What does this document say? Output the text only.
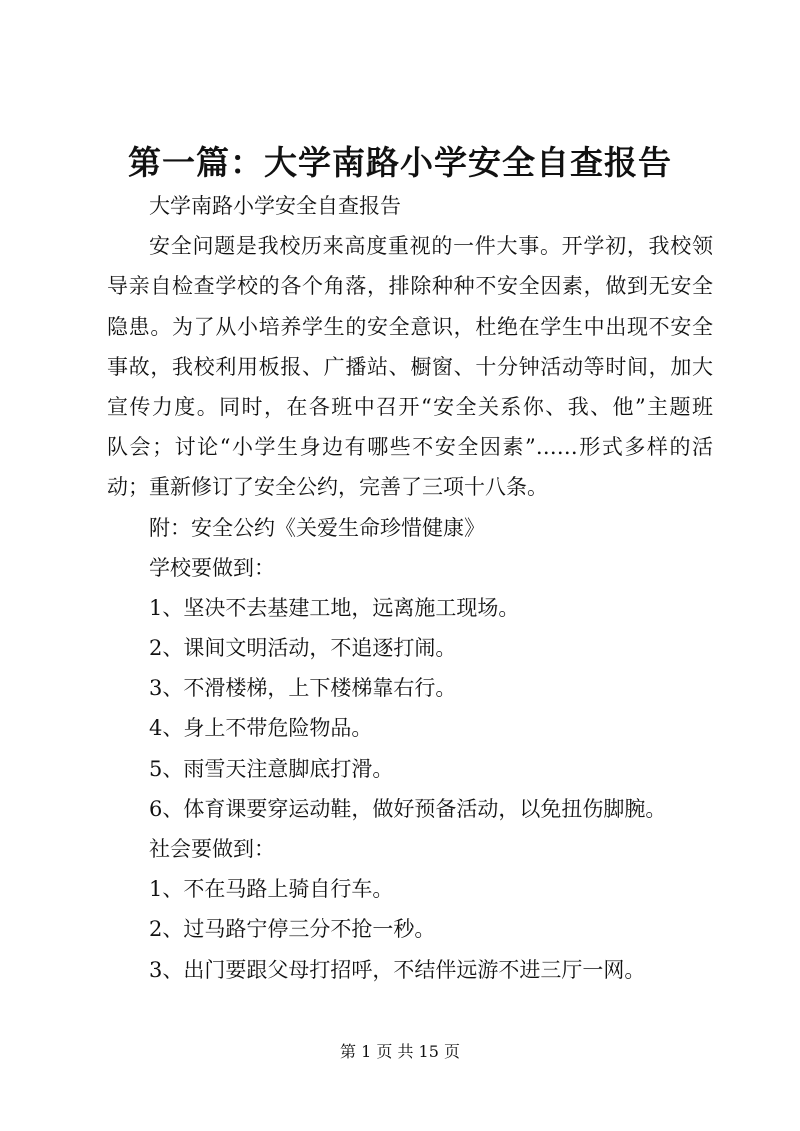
第一篇：大学南路小学安全自查报告
大学南路小学安全自查报告
安全问题是我校历来高度重视的一件大事。开学初，我校领
导亲自检查学校的各个角落，排除种种不安全因素，做到无安全
隐患。为了从小培养学生的安全意识，杜绝在学生中出现不安全
事故，我校利用板报、广播站、橱窗、十分钟活动等时间，加大
宣传力度。同时，在各班中召开“安全关系你、我、他”主题班
队会；讨论“小学生身边有哪些不安全因素”……形式多样的活
动；重新修订了安全公约，完善了三项十八条。
附：安全公约《关爱生命珍惜健康》
学校要做到：
1、坚决不去基建工地，远离施工现场。
2、课间文明活动，不追逐打闹。
3、不滑楼梯，上下楼梯靠右行。
4、身上不带危险物品。
5、雨雪天注意脚底打滑。
6、体育课要穿运动鞋，做好预备活动，以免扭伤脚腕。
社会要做到：
1、不在马路上骑自行车。
2、过马路宁停三分不抢一秒。
3、出门要跟父母打招呼，不结伴远游不进三厅一网。
第 1 页 共 15 页
